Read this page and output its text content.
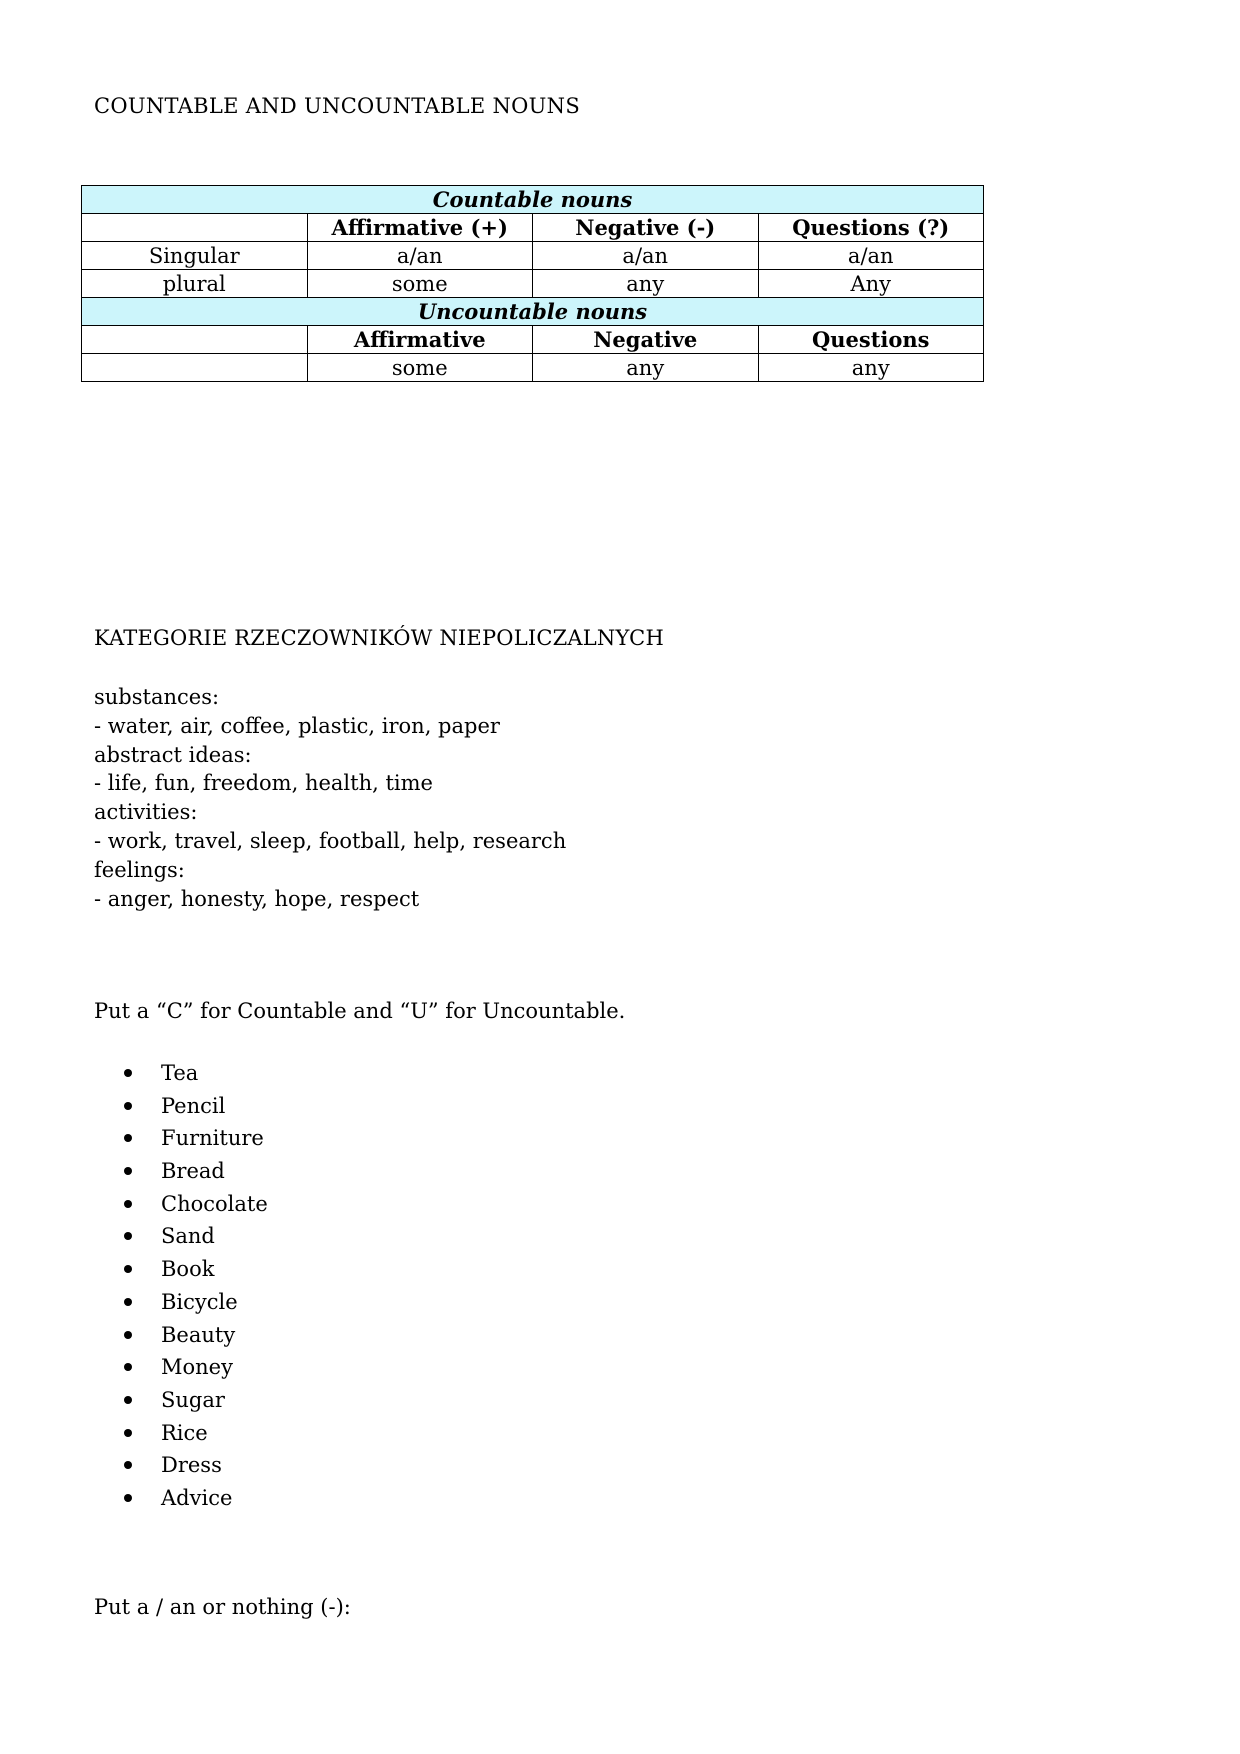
COUNTABLE AND UNCOUNTABLE NOUNS
Countable nouns			
	Affirmative (+)	Negative (-)	Questions (?)
Singular	a/an	a/an	a/an
plural	some	any	Any
Uncountable nouns			
	Affirmative	Negative	Questions
	some	any	any
KATEGORIE RZECZOWNIKÓW NIEPOLICZALNYCH
substances:
- water, air, coffee, plastic, iron, paper
abstract ideas:
- life, fun, freedom, health, time
activities:
- work, travel, sleep, football, help, research
feelings:
- anger, honesty, hope, respect
Put a “C” for Countable and “U” for Uncountable.
Tea
Pencil
Furniture
Bread
Chocolate
Sand
Book
Bicycle
Beauty
Money
Sugar
Rice
Dress
Advice
Put a / an or nothing (-):
